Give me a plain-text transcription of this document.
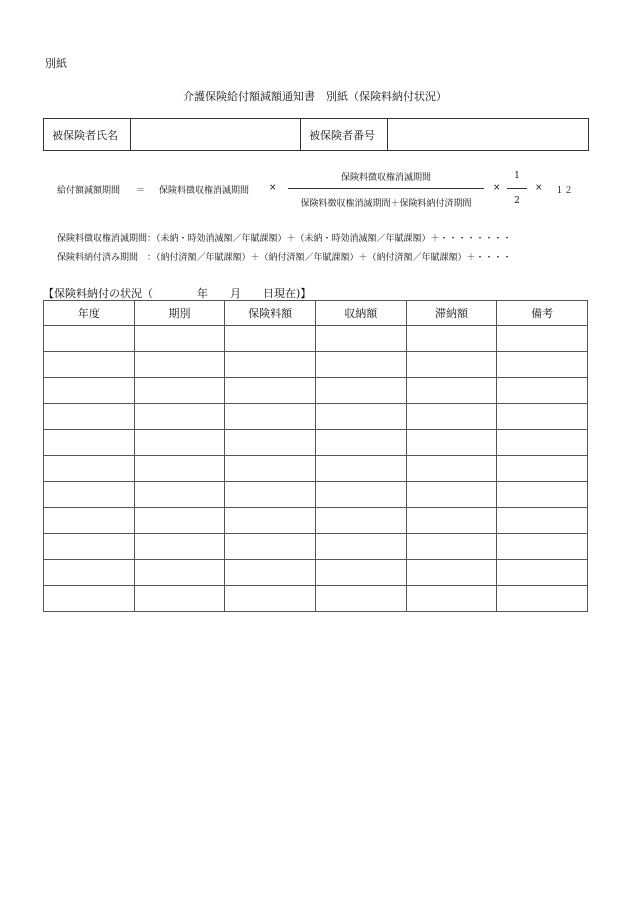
別紙
介護保険給付額減額通知書　別紙（保険料納付状況）
被保険者氏名		被保険者番号	
給付額減額期間 ＝ 保険料徴収権消滅期間 ×
保険料徴収権消滅期間
保険料徴収権消滅期間＋保険料納付済期間
×
1
2
× １２
保険料徴収権消滅期間：（未納・時効消滅額／年賦課額）＋（未納・時効消滅額／年賦課額）＋・・・・・・・・
保険料納付済み期間　：（納付済額／年賦課額）＋（納付済額／年賦課額）＋（納付済額／年賦課額）＋・・・・
【保険料納付の状況（　　　　年　　月　　日現在)】
年度	期別	保険料額	収納額	滞納額	備考
